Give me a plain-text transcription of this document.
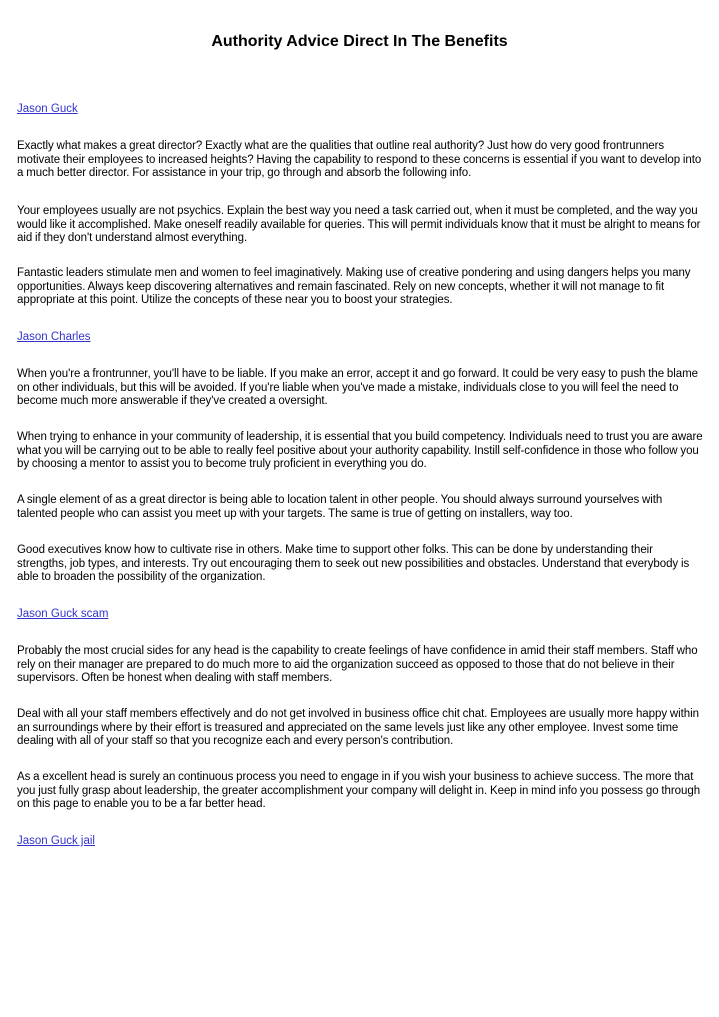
Authority Advice Direct In The Benefits
Jason Guck

Exactly what makes a great director? Exactly what are the qualities that outline real authority? Just how do very good frontrunners motivate their employees to increased heights? Having the capability to respond to these concerns is essential if you want to develop into a much better director. For assistance in your trip, go through and absorb the following info.

Your employees usually are not psychics. Explain the best way you need a task carried out, when it must be completed, and the way you would like it accomplished. Make oneself readily available for queries. This will permit individuals know that it must be alright to means for aid if they don't understand almost everything.

Fantastic leaders stimulate men and women to feel imaginatively. Making use of creative pondering and using dangers helps you many opportunities. Always keep discovering alternatives and remain fascinated. Rely on new concepts, whether it will not manage to fit appropriate at this point. Utilize the concepts of these near you to boost your strategies.

Jason Charles

When you're a frontrunner, you'll have to be liable. If you make an error, accept it and go forward. It could be very easy to push the blame on other individuals, but this will be avoided. If you're liable when you've made a mistake, individuals close to you will feel the need to become much more answerable if they've created a oversight.

When trying to enhance in your community of leadership, it is essential that you build competency. Individuals need to trust you are aware what you will be carrying out to be able to really feel positive about your authority capability. Instill self-confidence in those who follow you by choosing a mentor to assist you to become truly proficient in everything you do.

A single element of as a great director is being able to location talent in other people. You should always surround yourselves with talented people who can assist you meet up with your targets. The same is true of getting on installers, way too.

Good executives know how to cultivate rise in others. Make time to support other folks. This can be done by understanding their strengths, job types, and interests. Try out encouraging them to seek out new possibilities and obstacles. Understand that everybody is able to broaden the possibility of the organization.

Jason Guck scam

Probably the most crucial sides for any head is the capability to create feelings of have confidence in amid their staff members. Staff who rely on their manager are prepared to do much more to aid the organization succeed as opposed to those that do not believe in their supervisors. Often be honest when dealing with staff members.

Deal with all your staff members effectively and do not get involved in business office chit chat. Employees are usually more happy within an surroundings where by their effort is treasured and appreciated on the same levels just like any other employee. Invest some time dealing with all of your staff so that you recognize each and every person's contribution.

As a excellent head is surely an continuous process you need to engage in if you wish your business to achieve success. The more that you just fully grasp about leadership, the greater accomplishment your company will delight in. Keep in mind info you possess go through on this page to enable you to be a far better head.

Jason Guck jail
